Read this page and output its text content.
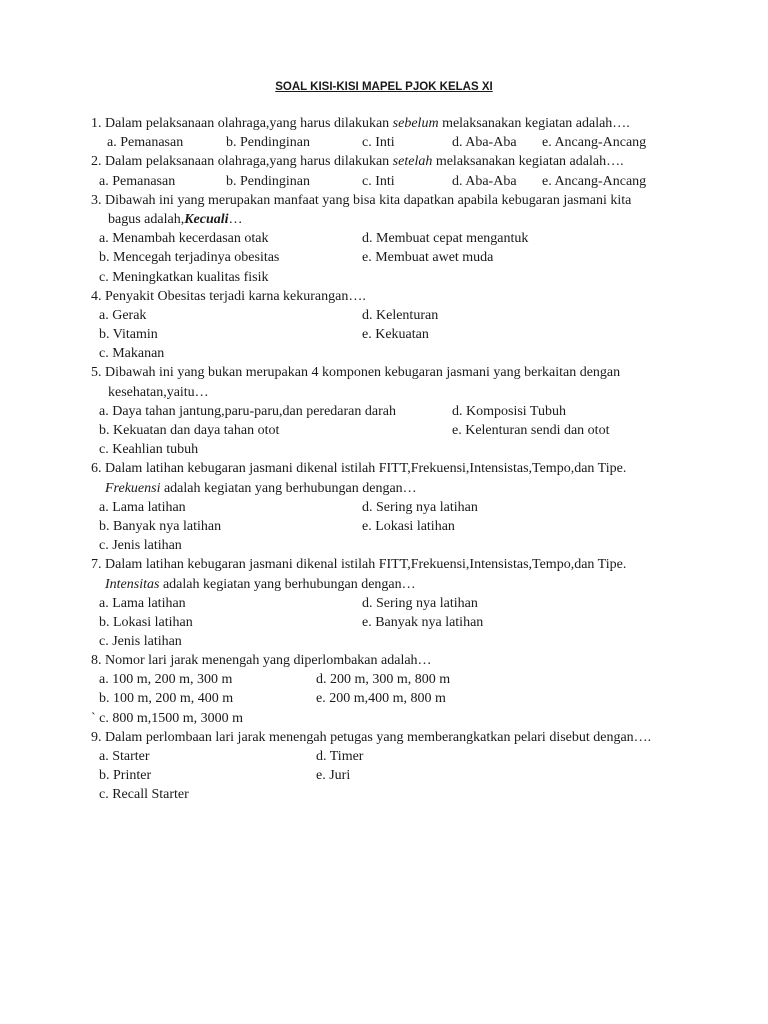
SOAL KISI-KISI MAPEL PJOK KELAS XI
1. Dalam pelaksanaan olahraga,yang harus dilakukan sebelum melaksanakan kegiatan adalah….
a. Pemanasan	b. Pendinginan	c. Inti	d. Aba-Aba e. Ancang-Ancang
2. Dalam pelaksanaan olahraga,yang harus dilakukan setelah melaksanakan kegiatan adalah….
a. Pemanasan	b. Pendinginan	c. Inti	d. Aba-Aba e. Ancang-Ancang
3. Dibawah ini yang merupakan manfaat yang bisa kita dapatkan apabila kebugaran jasmani kita
bagus adalah,Kecuali…
a. Menambah kecerdasan otak	d. Membuat cepat mengantuk
b. Mencegah terjadinya obesitas	e. Membuat awet muda
c. Meningkatkan kualitas fisik
4. Penyakit Obesitas terjadi karna kekurangan….
a. Gerak	d. Kelenturan
b. Vitamin	e. Kekuatan
c. Makanan
5. Dibawah ini yang bukan merupakan 4 komponen kebugaran jasmani yang berkaitan dengan
kesehatan,yaitu…
a. Daya tahan jantung,paru-paru,dan peredaran darah	d. Komposisi Tubuh
b. Kekuatan dan daya tahan otot	e. Kelenturan sendi dan otot
c. Keahlian tubuh
6. Dalam latihan kebugaran jasmani dikenal istilah FITT,Frekuensi,Intensistas,Tempo,dan Tipe.
Frekuensi adalah kegiatan yang berhubungan dengan…
a. Lama latihan	d. Sering nya latihan
b. Banyak nya latihan	e. Lokasi latihan
c. Jenis latihan
7. Dalam latihan kebugaran jasmani dikenal istilah FITT,Frekuensi,Intensistas,Tempo,dan Tipe.
Intensitas adalah kegiatan yang berhubungan dengan…
a. Lama latihan	d. Sering nya latihan
b. Lokasi latihan	e. Banyak nya latihan
c. Jenis latihan
8. Nomor lari jarak menengah yang diperlombakan adalah…
a. 100 m, 200 m, 300 m	d. 200 m, 300 m, 800 m
b. 100 m, 200 m, 400 m	e. 200 m,400 m, 800 m
` c. 800 m,1500 m, 3000 m
9. Dalam perlombaan lari jarak menengah petugas yang memberangkatkan pelari disebut dengan….
a. Starter	d. Timer
b. Printer	e. Juri
c. Recall Starter
